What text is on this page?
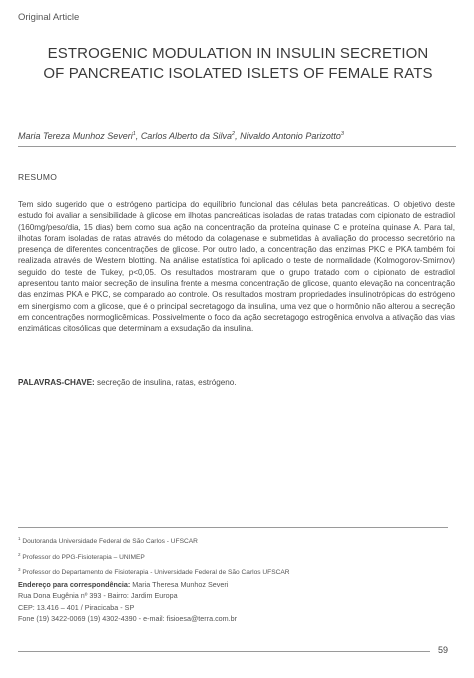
Original Article
ESTROGENIC MODULATION IN INSULIN SECRETION
OF PANCREATIC ISOLATED ISLETS OF FEMALE RATS
Maria Tereza Munhoz Severi$^1$, Carlos Alberto da Silva$^2$, Nivaldo Antonio Parizotto$^3$
RESUMO
Tem sido sugerido que o estrógeno participa do equilíbrio funcional das células beta pancreáticas. O objetivo deste estudo foi avaliar a sensibilidade à glicose em ilhotas pancreáticas isoladas de ratas tratadas com cipionato de estradiol (160mg/peso/dia, 15 dias) bem como sua ação na concentração da proteína quinase C e proteína quinase A. Para tal, ilhotas foram isoladas de ratas através do método da colagenase e submetidas à avaliação do processo secretório na presença de diferentes concentrações de glicose. Por outro lado, a concentração das enzimas PKC e PKA também foi realizada através de Western blotting. Na análise estatística foi aplicado o teste de normalidade (Kolmogorov-Smirnov) seguido do teste de Tukey, p<0,05. Os resultados mostraram que o grupo tratado com o cipionato de estradiol apresentou tanto maior secreção de insulina frente a mesma concentração de glicose, quanto elevação na concentração das enzimas PKA e PKC, se comparado ao controle. Os resultados mostram propriedades insulinotrópicas do estrógeno em sinergismo com a glicose, que é o principal secretagogo da insulina, uma vez que o hormônio não alterou a secreção em concentrações normoglicêmicas. Possivelmente o foco da ação secretagogo estrogênica envolva a ativação das vias enzimáticas citosólicas que determinam a exsudação da insulina.
PALAVRAS-CHAVE: secreção de insulina, ratas, estrógeno.
$^1$ Doutoranda Universidade Federal de São Carlos - UFSCAR
$^2$ Professor do PPG-Fisioterapia – UNIMEP
$^3$ Professor do Departamento de Fisioterapia - Universidade Federal de São Carlos UFSCAR
Endereço para correspondência: Maria Theresa Munhoz Severi
Rua Dona Eugênia nº 393 - Bairro: Jardim Europa
CEP: 13.416 – 401 / Piracicaba - SP
Fone (19) 3422-0069 (19) 4302-4390 - e-mail: fisioesa@terra.com.br
59
